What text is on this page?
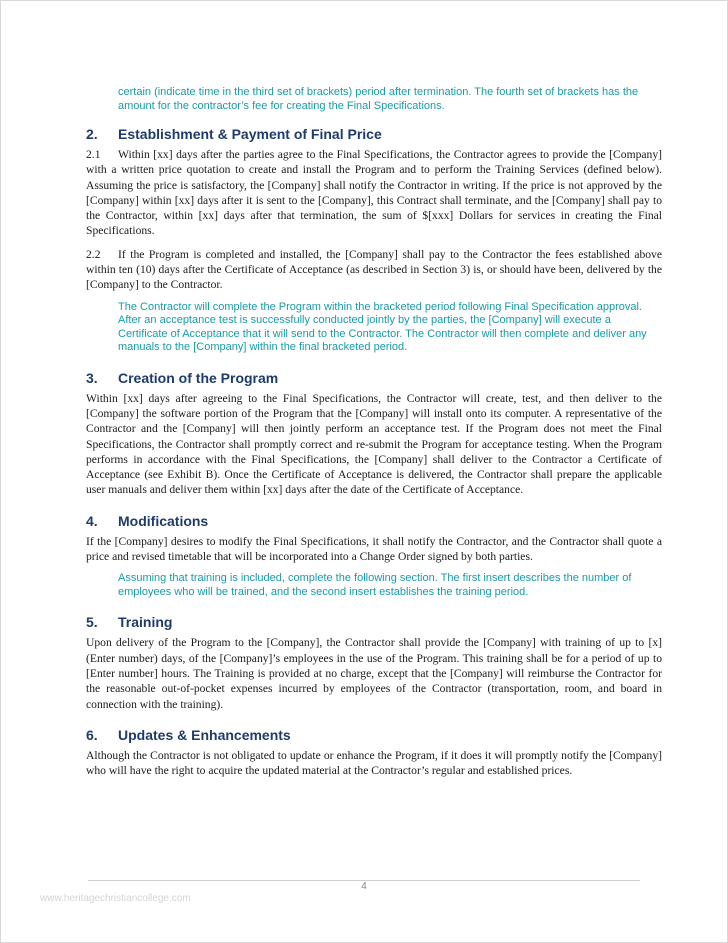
certain (indicate time in the third set of brackets) period after termination. The fourth set of brackets has the amount for the contractor’s fee for creating the Final Specifications.
2.	Establishment & Payment of Final Price

2.1 Within [xx] days after the parties agree to the Final Specifications, the Contractor agrees to provide the [Company] with a written price quotation to create and install the Program and to perform the Training Services (defined below). Assuming the price is satisfactory, the [Company] shall notify the Contractor in writing. If the price is not approved by the [Company] within [xx] days after it is sent to the [Company], this Contract shall terminate, and the [Company] shall pay to the Contractor, within [xx] days after that termination, the sum of $[xxx] Dollars for services in creating the Final Specifications.

2.2 If the Program is completed and installed, the [Company] shall pay to the Contractor the fees established above within ten (10) days after the Certificate of Acceptance (as described in Section 3) is, or should have been, delivered by the [Company] to the Contractor.

The Contractor will complete the Program within the bracketed period following Final Specification approval. After an acceptance test is successfully conducted jointly by the parties, the [Company] will execute a Certificate of Acceptance that it will send to the Contractor. The Contractor will then complete and deliver any manuals to the [Company] within the final bracketed period.
3.	Creation of the Program

Within [xx] days after agreeing to the Final Specifications, the Contractor will create, test, and then deliver to the [Company] the software portion of the Program that the [Company] will install onto its computer. A representative of the Contractor and the [Company] will then jointly perform an acceptance test. If the Program does not meet the Final Specifications, the Contractor shall promptly correct and re-submit the Program for acceptance testing. When the Program performs in accordance with the Final Specifications, the [Company] shall deliver to the Contractor a Certificate of Acceptance (see Exhibit B). Once the Certificate of Acceptance is delivered, the Contractor shall prepare the applicable user manuals and deliver them within [xx] days after the date of the Certificate of Acceptance.

4.	Modifications

If the [Company] desires to modify the Final Specifications, it shall notify the Contractor, and the Contractor shall quote a price and revised timetable that will be incorporated into a Change Order signed by both parties.

Assuming that training is included, complete the following section. The first insert describes the number of employees who will be trained, and the second insert establishes the training period.
5.	Training

Upon delivery of the Program to the [Company], the Contractor shall provide the [Company] with training of up to [x] (Enter number) days, of the [Company]’s employees in the use of the Program. This training shall be for a period of up to [Enter number] hours. The Training is provided at no charge, except that the [Company] will reimburse the Contractor for the reasonable out-of-pocket expenses incurred by employees of the Contractor (transportation, room, and board in connection with the training).

6.	Updates & Enhancements

Although the Contractor is not obligated to update or enhance the Program, if it does it will promptly notify the [Company] who will have the right to acquire the updated material at the Contractor’s regular and established prices.

4
www.heritagechristiancollege.com
